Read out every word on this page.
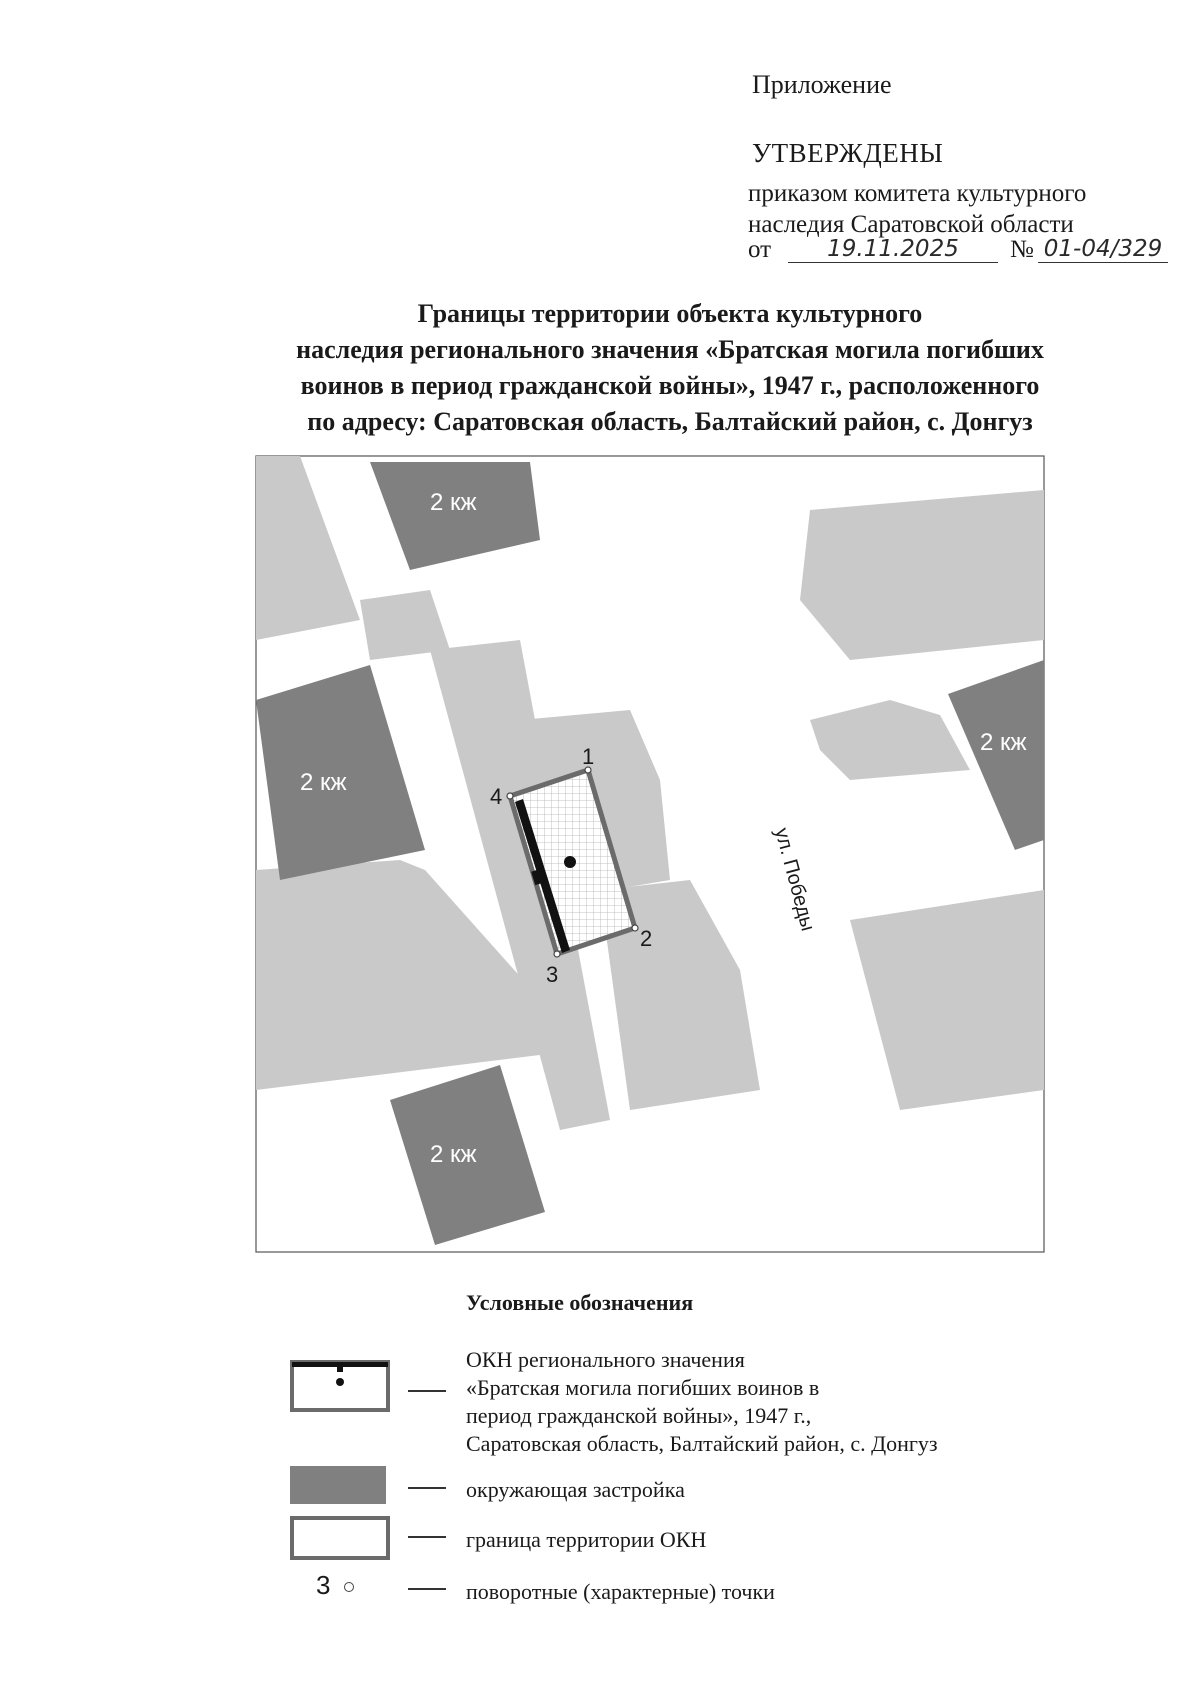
Приложение
УТВЕРЖДЕНЫ
приказом комитета культурного
наследия Саратовской области
от	19.11.2025	№ 01-04/329
Границы территории объекта культурного
наследия регионального значения «Братская могила погибших
воинов в период гражданской войны», 1947 г., расположенного
по адресу: Саратовская область, Балтайский район, с. Донгуз
2 кж
2 кж
2 кж
2 кж
ул. Победы
1
2
3
4
Условные обозначения
ОКН регионального значения
«Братская могила погибших воинов в
период гражданской войны», 1947 г.,
Саратовская область, Балтайский район, с. Донгуз
окружающая застройка
граница территории ОКН
3	поворотные (характерные) точки
